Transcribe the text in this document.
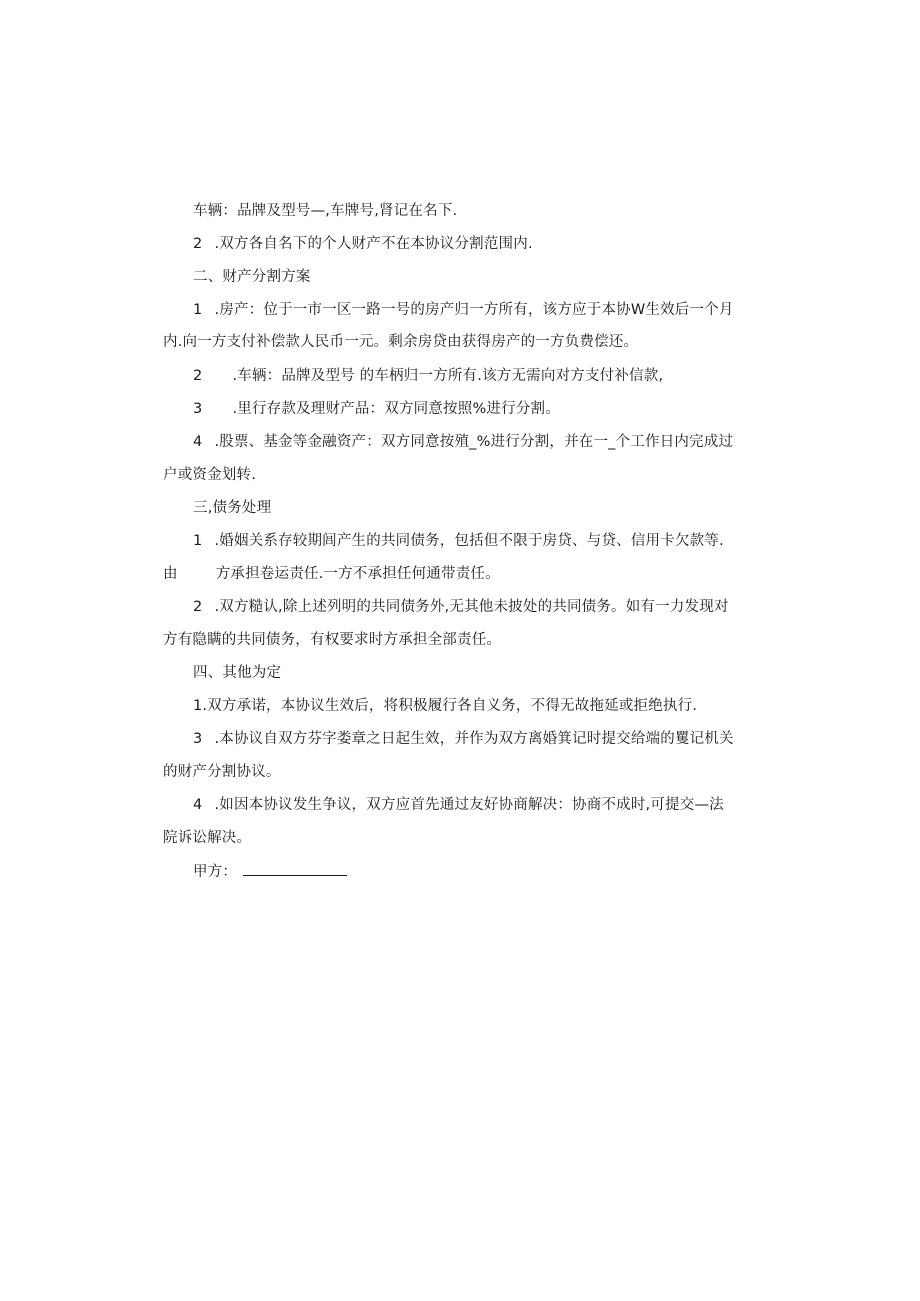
车辆：品牌及型号—,车牌号,肾记在名下.
2 .双方各自名下的个人财产不在本协议分割范围内.
二、财产分割方案
1 .房产：位于一市一区一路一号的房产归一方所有，该方应于本协W生效后一个月
内.向一方支付补偿款人民币一元。剩余房贷由获得房产的一方负费偿还。
2 .车辆：品牌及型号 的车柄归一方所有.该方无需向对方支付补信款,
3 .里行存款及理财产品：双方同意按照%进行分割。
4 .股票、基金等金融资产：双方同意按殖_%进行分割，并在一_个工作日内完成过
户或资金划转.
三,债务处理
1 .婚姻关系存较期闾产生的共同债务，包括但不限于房贷、与贷、信用卡欠款等.
由	方承担卷运责任.一方不承担任何通带责任。
2 .双方糙认,除上述列明的共同债务外,无其他未披处的共同债务。如有一力发现对
方有隐瞒的共同债务，有权要求时方承担全部责任。
四、其他为定
1.双方承诺，本协议生效后，将积极履行各自义务，不得无故拖延或拒绝执行.
3 .本协议自双方芬字娄章之日起生效，并作为双方离婚箕记时提交给端的矍记机关
的财产分割协议。
4 .如因本协议发生争议，双方应首先通过友好协商解决：协商不成时,可提交—法
院诉讼解决。
甲方：
